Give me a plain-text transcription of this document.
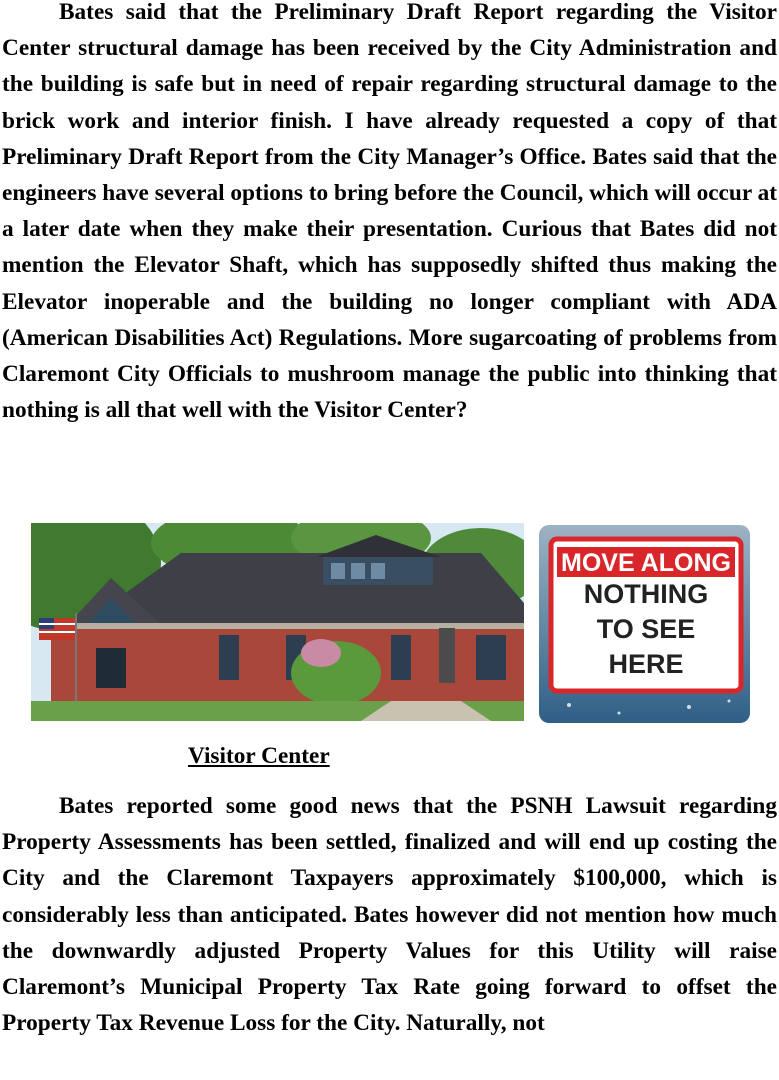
Bates said that the Preliminary Draft Report regarding the Visitor Center structural damage has been received by the City Administration and the building is safe but in need of repair regarding structural damage to the brick work and interior finish. I have already requested a copy of that Preliminary Draft Report from the City Manager’s Office. Bates said that the engineers have several options to bring before the Council, which will occur at a later date when they make their presentation. Curious that Bates did not mention the Elevator Shaft, which has supposedly shifted thus making the Elevator inoperable and the building no longer compliant with ADA (American Disabilities Act) Regulations. More sugarcoating of problems from Claremont City Officials to mushroom manage the public into thinking that nothing is all that well with the Visitor Center?

MOVE ALONG
NOTHING
TO SEE
HERE

Visitor Center

Bates reported some good news that the PSNH Lawsuit regarding Property Assessments has been settled, finalized and will end up costing the City and the Claremont Taxpayers approximately $100,000, which is considerably less than anticipated. Bates however did not mention how much the downwardly adjusted Property Values for this Utility will raise Claremont’s Municipal Property Tax Rate going forward to offset the Property Tax Revenue Loss for the City. Naturally, not
